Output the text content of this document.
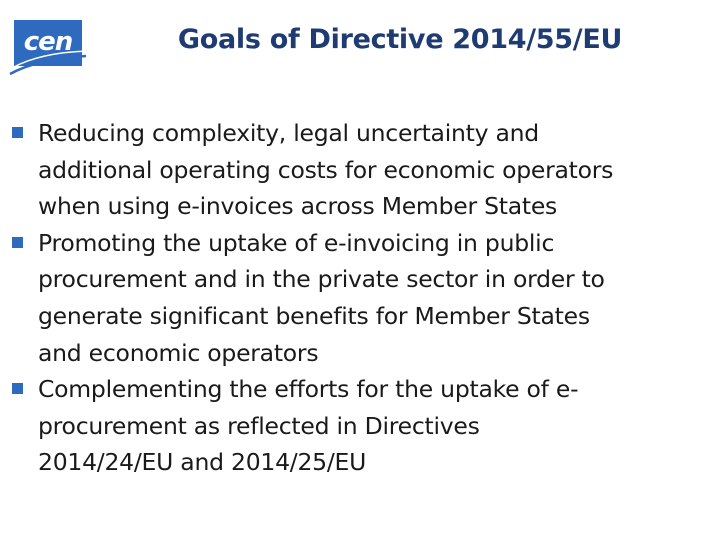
cen	Goals of Directive 2014/55/EU
Reducing complexity, legal uncertainty and
additional operating costs for economic operators
when using e-invoices across Member States
Promoting the uptake of e-invoicing in public
procurement and in the private sector in order to
generate significant benefits for Member States
and economic operators
Complementing the efforts for the uptake of e-
procurement as reflected in Directives
2014/24/EU and 2014/25/EU
